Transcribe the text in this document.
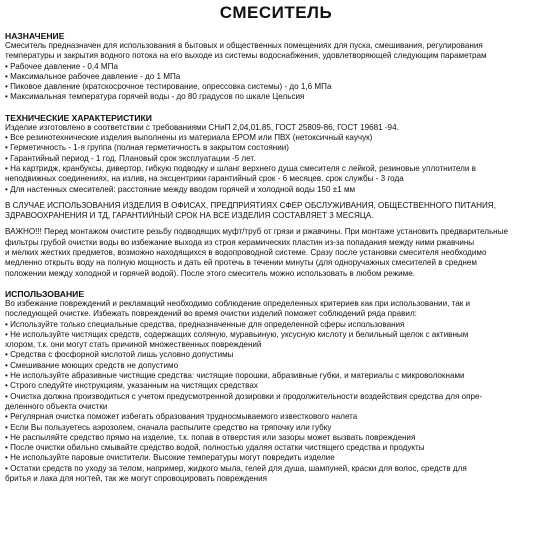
СМЕСИТЕЛЬ
НАЗНАЧЕНИЕ
Смеситель предназначен для использования в бытовых и общественных помещениях для пуска, смешивания, регулирования
температуры и закрытия водного потока на его выходе из системы водоснабжения, удовлетворяющей следующим параметрам
• Рабочее давление - 0,4 МПа
• Максимальное рабочее давление - до 1 МПа
• Пиковое давление (кратскосрочное тестирование, опрессовка системы) - до 1,6 МПа
• Максимальная температура горячей воды - до 80 градусов по шкале Цельсия
ТЕХНИЧЕСКИЕ ХАРАКТЕРИСТИКИ
Изделие изготовлено в соответствии с требованиями СНиП 2,04,01.85, ГОСТ 25809-86, ГОСТ 19681 -94.
• Все резинотехнические изделия выполнены из материала EPOM или ПВХ (нетоксичный каучук)
• Герметичность - 1-я группа (полная герметичность в закрытом состоянии)
• Гарантийный период - 1 год. Плановый срок эксплуатации -5 лет.
• На картридж, кранбуксы, дивертор, гибкую подводку и шланг верхнего душа смесителя с лейкой, резиновые уплотнители в
неподвижных соединениях, на излив, на эксцентрики гарантийный срок - 6 месяцев. срок службы - 3 года
• Для настенных смесителей: расстояние между вводом горячей и холодной воды 150 ±1 мм
В СЛУЧАЕ ИСПОЛЬЗОВАНИЯ ИЗДЕЛИЯ В ОФИСАХ, ПРЕДПРИЯТИЯХ СФЕР ОБСЛУЖИВАНИЯ, ОБЩЕСТВЕННОГО ПИТАНИЯ,
ЗДРАВООХРАНЕНИЯ И ТД, ГАРАНТИЙНЫЙ СРОК НА ВСЕ ИЗДЕЛИЯ СОСТАВЛЯЕТ 3 МЕСЯЦА.
ВАЖНО!!! Перед монтажом очистите резьбу подводящих муфт/труб от грязи и ржавчины. При монтаже установить предварительные
фильтры грубой очистки воды во избежание выхода из строя керамических пластин из-за попадания между ними ржавчины
и мелких жестких предметов, возможно находящихся в водопроводной системе. Сразу после установки смесителя необходимо
медленно открыть воду на полную мощность и дать ей протечь в течении минуты (для одноручажных смесителей в среднем
положении между холодной и горячей водой). После этого смеситель можно использовать в любом режиме.
ИСПОЛЬЗОВАНИЕ
Во избежание повреждений и рекламаций необходимо соблюдение определенных критериев как при использовании, так и
последующей очистке. Избежать повреждений во время очистки изделий поможет соблюдений ряда правил:
• Используйте только специальные средства, предназначенные для определенной сферы использования
• Не используйте чистящих средств, содержащих соляную, муравьиную, уксусную кислоту и белильный щелок с активным
хлором, т.к. они могут стать причиной множественных повреждений
• Средства с фосфорной кислотой лишь условно допустимы
• Смешивание моющих средств не допустимо
• Не используйте абразивные чистящие средства: чистящие порошки, абразивные губки, и материалы с микроволокнами
• Строго следуйте инструкциям, указанным на чистящих средствах
• Очистка должна производиться с учетом предусмотренной дозировки и продолжительности воздействия средства для опре-
деленного объекта очистки
• Регулярная очистка поможет избегать образования трудносмываемого известкового налета
• Если Вы пользуетесь аэрозолем, сначала распылите средство на тряпочку или губку
• Не распыляйте средство прямо на изделие, т.к. попав в отверстия или зазоры может вызвать повреждения
• После очистки обильно смывайте средство водой, полностью удаляя остатки чистящего средства и продукты
• Не используйте паровые очистители. Высокие температуры могут повредить изделие
• Остатки средств по уходу за телом, например, жидкого мыла, гелей для душа, шампуней, краски для волос, средств для
бритья и лака для ногтей, так же могут спровоцировать повреждения
